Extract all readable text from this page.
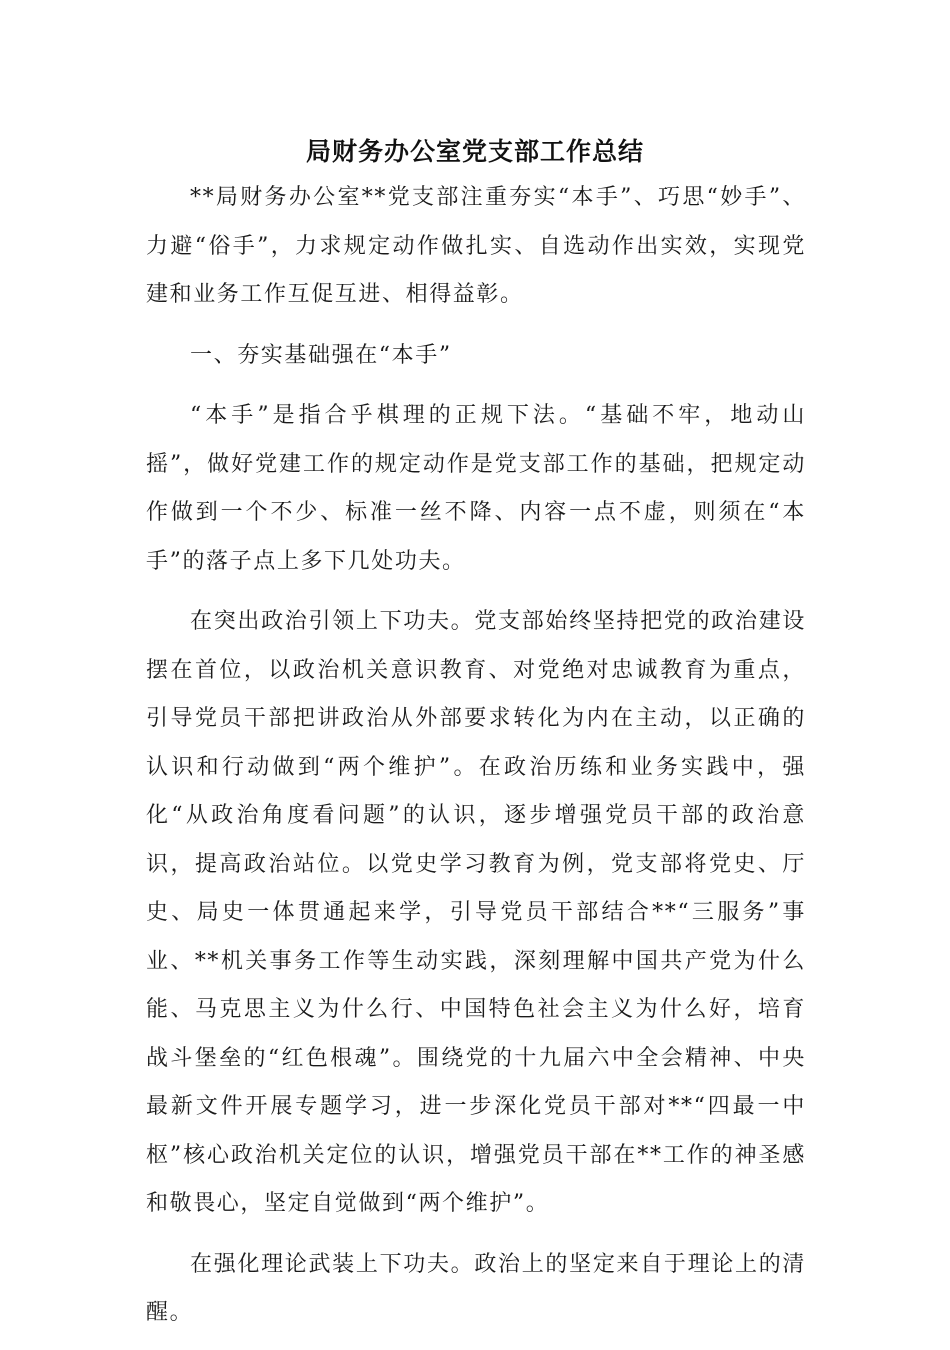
局财务办公室党支部工作总结

**局财务办公室**党支部注重夯实“本手”、巧思“妙手”、力避“俗手”，力求规定动作做扎实、自选动作出实效，实现党建和业务工作互促互进、相得益彰。

一、夯实基础强在“本手”

“本手”是指合乎棋理的正规下法。“基础不牢，地动山摇”，做好党建工作的规定动作是党支部工作的基础，把规定动作做到一个不少、标准一丝不降、内容一点不虚，则须在“本手”的落子点上多下几处功夫。

在突出政治引领上下功夫。党支部始终坚持把党的政治建设摆在首位，以政治机关意识教育、对党绝对忠诚教育为重点，引导党员干部把讲政治从外部要求转化为内在主动，以正确的认识和行动做到“两个维护”。在政治历练和业务实践中，强化“从政治角度看问题”的认识，逐步增强党员干部的政治意识，提高政治站位。以党史学习教育为例，党支部将党史、厅史、局史一体贯通起来学，引导党员干部结合**“三服务”事业、**机关事务工作等生动实践，深刻理解中国共产党为什么能、马克思主义为什么行、中国特色社会主义为什么好，培育战斗堡垒的“红色根魂”。围绕党的十九届六中全会精神、中央最新文件开展专题学习，进一步深化党员干部对**“四最一中枢”核心政治机关定位的认识，增强党员干部在**工作的神圣感和敬畏心，坚定自觉做到“两个维护”。

在强化理论武装上下功夫。政治上的坚定来自于理论上的清醒。
